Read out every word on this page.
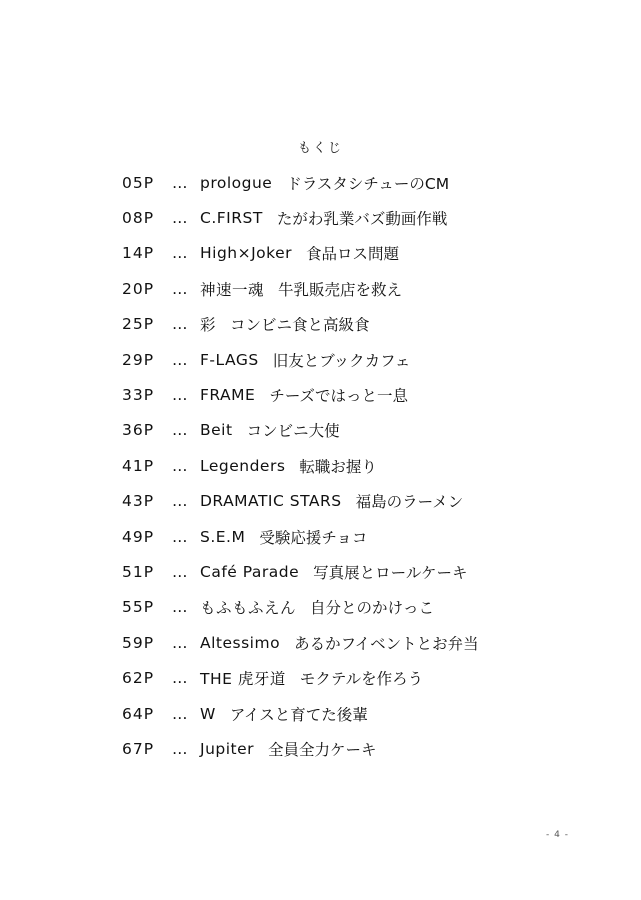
もくじ
05P	… prologue ドラスタシチューのCM
08P	… C.FIRST たがわ乳業バズ動画作戦
14P	… High×Joker 食品ロス問題
20P	… 神速一魂 牛乳販売店を救え
25P	… 彩 コンビニ食と高級食
29P	… F-LAGS 旧友とブックカフェ
33P	… FRAME チーズではっと一息
36P	… Beit コンビニ大使
41P	… Legenders 転職お握り
43P	… DRAMATIC STARS 福島のラーメン
49P	… S.E.M 受験応援チョコ
51P	… Café Parade 写真展とロールケーキ
55P	… もふもふえん 自分とのかけっこ
59P	… Altessimo あるかフイベントとお弁当
62P	… THE 虎牙道 モクテルを作ろう
64P	… W アイスと育てた後輩
67P	… Jupiter 全員全力ケーキ
- 4 -
